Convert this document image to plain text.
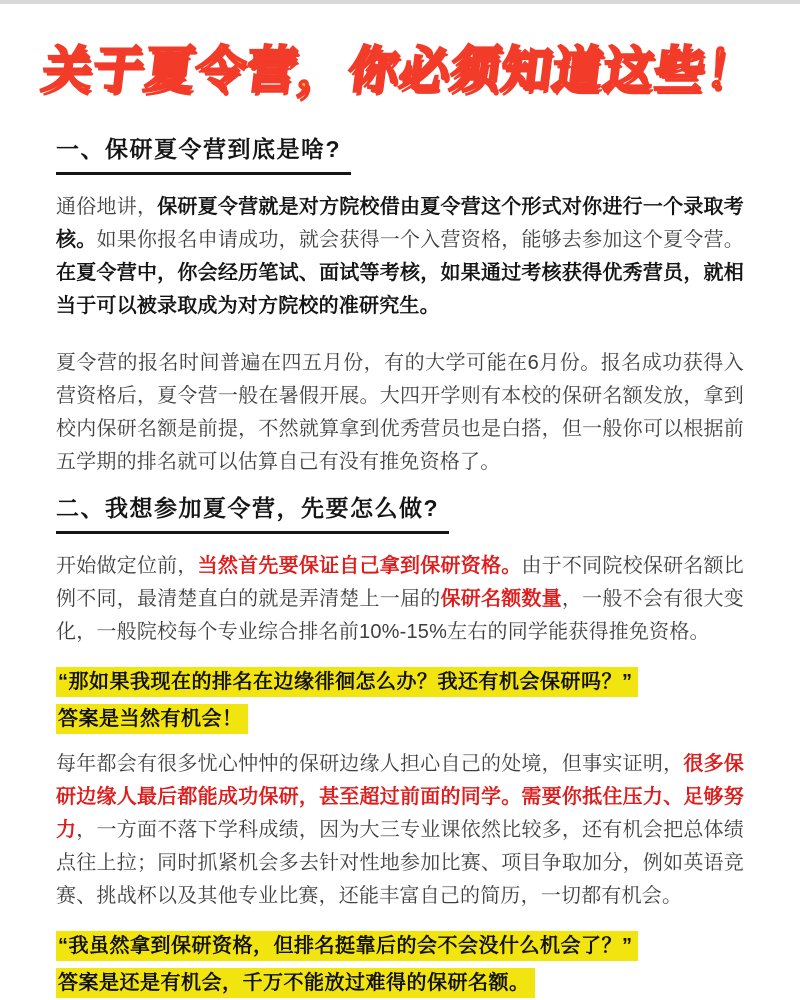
关于夏令营，你必须知道这些！
一、保研夏令营到底是啥?

通俗地讲，保研夏令营就是对方院校借由夏令营这个形式对你进行一个录取考核。如果你报名申请成功，就会获得一个入营资格，能够去参加这个夏令营。在夏令营中，你会经历笔试、面试等考核，如果通过考核获得优秀营员，就相当于可以被录取成为对方院校的准研究生。

夏令营的报名时间普遍在四五月份，有的大学可能在6月份。报名成功获得入营资格后，夏令营一般在暑假开展。大四开学则有本校的保研名额发放，拿到校内保研名额是前提，不然就算拿到优秀营员也是白搭，但一般你可以根据前五学期的排名就可以估算自己有没有推免资格了。

二、我想参加夏令营，先要怎么做?

开始做定位前，当然首先要保证自己拿到保研资格。由于不同院校保研名额比例不同，最清楚直白的就是弄清楚上一届的保研名额数量，一般不会有很大变化，一般院校每个专业综合排名前10%-15%左右的同学能获得推免资格。

“那如果我现在的排名在边缘徘徊怎么办？我还有机会保研吗？”
答案是当然有机会！

每年都会有很多忧心忡忡的保研边缘人担心自己的处境，但事实证明，很多保研边缘人最后都能成功保研，甚至超过前面的同学。需要你抵住压力、足够努力，一方面不落下学科成绩，因为大三专业课依然比较多，还有机会把总体绩点往上拉；同时抓紧机会多去针对性地参加比赛、项目争取加分，例如英语竞赛、挑战杯以及其他专业比赛，还能丰富自己的简历，一切都有机会。

“我虽然拿到保研资格，但排名挺靠后的会不会没什么机会了？”
答案是还是有机会，千万不能放过难得的保研名额。
